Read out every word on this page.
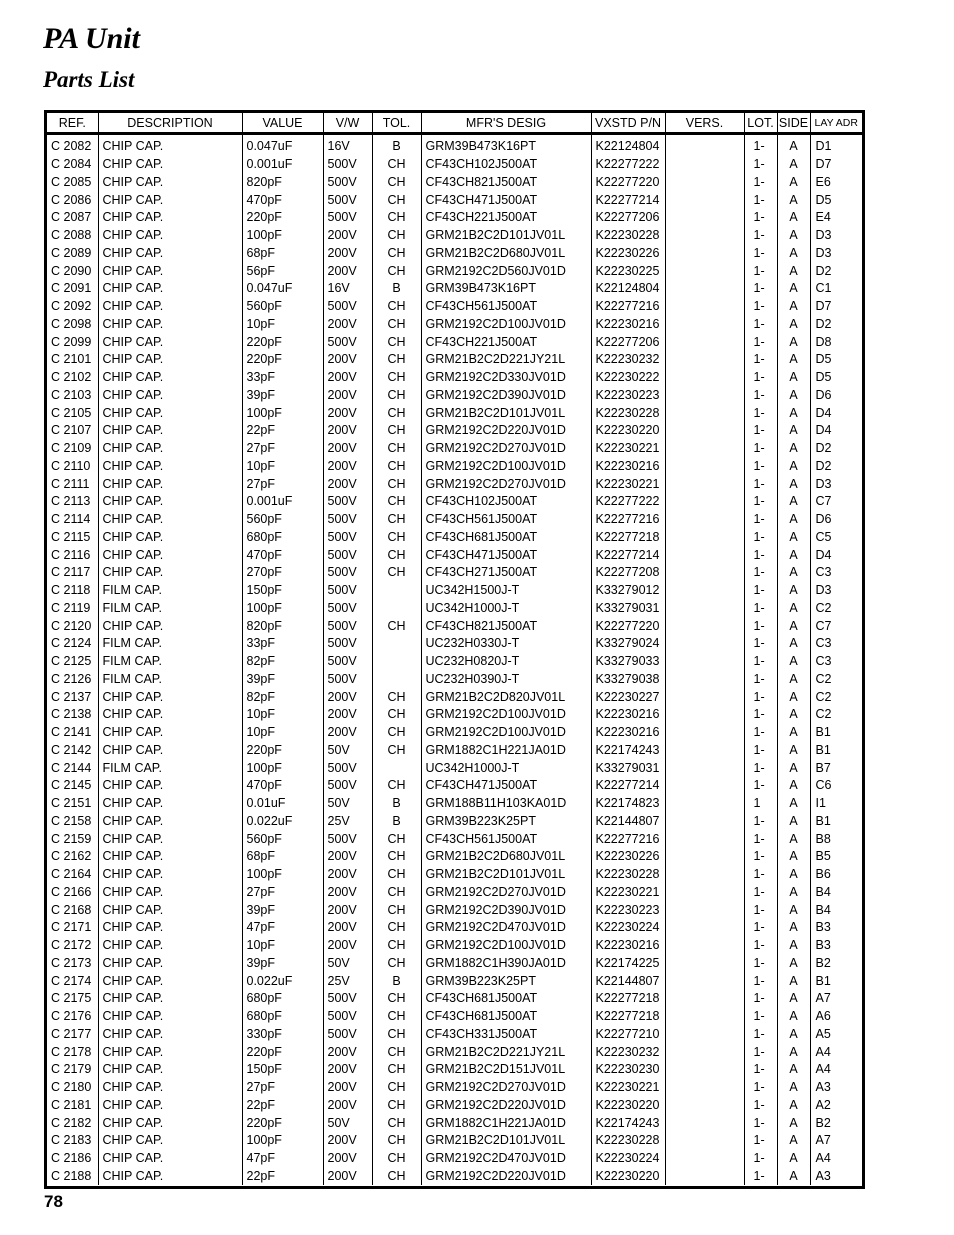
PA Unit
Parts List
REF.	DESCRIPTION	VALUE	V/W	TOL.	MFR'S DESIG	VXSTD P/N	VERS.	LOT.	SIDE	LAY ADR
C 2082	CHIP CAP.	0.047uF	16V	B	GRM39B473K16PT	K22124804		1-	A	D1
C 2084	CHIP CAP.	0.001uF	500V	CH	CF43CH102J500AT	K22277222		1-	A	D7
C 2085	CHIP CAP.	820pF	500V	CH	CF43CH821J500AT	K22277220		1-	A	E6
C 2086	CHIP CAP.	470pF	500V	CH	CF43CH471J500AT	K22277214		1-	A	D5
C 2087	CHIP CAP.	220pF	500V	CH	CF43CH221J500AT	K22277206		1-	A	E4
C 2088	CHIP CAP.	100pF	200V	CH	GRM21B2C2D101JV01L	K22230228		1-	A	D3
C 2089	CHIP CAP.	68pF	200V	CH	GRM21B2C2D680JV01L	K22230226		1-	A	D3
C 2090	CHIP CAP.	56pF	200V	CH	GRM2192C2D560JV01D	K22230225		1-	A	D2
C 2091	CHIP CAP.	0.047uF	16V	B	GRM39B473K16PT	K22124804		1-	A	C1
C 2092	CHIP CAP.	560pF	500V	CH	CF43CH561J500AT	K22277216		1-	A	D7
C 2098	CHIP CAP.	10pF	200V	CH	GRM2192C2D100JV01D	K22230216		1-	A	D2
C 2099	CHIP CAP.	220pF	500V	CH	CF43CH221J500AT	K22277206		1-	A	D8
C 2101	CHIP CAP.	220pF	200V	CH	GRM21B2C2D221JY21L	K22230232		1-	A	D5
C 2102	CHIP CAP.	33pF	200V	CH	GRM2192C2D330JV01D	K22230222		1-	A	D5
C 2103	CHIP CAP.	39pF	200V	CH	GRM2192C2D390JV01D	K22230223		1-	A	D6
C 2105	CHIP CAP.	100pF	200V	CH	GRM21B2C2D101JV01L	K22230228		1-	A	D4
C 2107	CHIP CAP.	22pF	200V	CH	GRM2192C2D220JV01D	K22230220		1-	A	D4
C 2109	CHIP CAP.	27pF	200V	CH	GRM2192C2D270JV01D	K22230221		1-	A	D2
C 2110	CHIP CAP.	10pF	200V	CH	GRM2192C2D100JV01D	K22230216		1-	A	D2
C 2111	CHIP CAP.	27pF	200V	CH	GRM2192C2D270JV01D	K22230221		1-	A	D3
C 2113	CHIP CAP.	0.001uF	500V	CH	CF43CH102J500AT	K22277222		1-	A	C7
C 2114	CHIP CAP.	560pF	500V	CH	CF43CH561J500AT	K22277216		1-	A	D6
C 2115	CHIP CAP.	680pF	500V	CH	CF43CH681J500AT	K22277218		1-	A	C5
C 2116	CHIP CAP.	470pF	500V	CH	CF43CH471J500AT	K22277214		1-	A	D4
C 2117	CHIP CAP.	270pF	500V	CH	CF43CH271J500AT	K22277208		1-	A	C3
C 2118	FILM CAP.	150pF	500V		UC342H1500J-T	K33279012		1-	A	D3
C 2119	FILM CAP.	100pF	500V		UC342H1000J-T	K33279031		1-	A	C2
C 2120	CHIP CAP.	820pF	500V	CH	CF43CH821J500AT	K22277220		1-	A	C7
C 2124	FILM CAP.	33pF	500V		UC232H0330J-T	K33279024		1-	A	C3
C 2125	FILM CAP.	82pF	500V		UC232H0820J-T	K33279033		1-	A	C3
C 2126	FILM CAP.	39pF	500V		UC232H0390J-T	K33279038		1-	A	C2
C 2137	CHIP CAP.	82pF	200V	CH	GRM21B2C2D820JV01L	K22230227		1-	A	C2
C 2138	CHIP CAP.	10pF	200V	CH	GRM2192C2D100JV01D	K22230216		1-	A	C2
C 2141	CHIP CAP.	10pF	200V	CH	GRM2192C2D100JV01D	K22230216		1-	A	B1
C 2142	CHIP CAP.	220pF	50V	CH	GRM1882C1H221JA01D	K22174243		1-	A	B1
C 2144	FILM CAP.	100pF	500V		UC342H1000J-T	K33279031		1-	A	B7
C 2145	CHIP CAP.	470pF	500V	CH	CF43CH471J500AT	K22277214		1-	A	C6
C 2151	CHIP CAP.	0.01uF	50V	B	GRM188B11H103KA01D	K22174823		1	A	I1
C 2158	CHIP CAP.	0.022uF	25V	B	GRM39B223K25PT	K22144807		1-	A	B1
C 2159	CHIP CAP.	560pF	500V	CH	CF43CH561J500AT	K22277216		1-	A	B8
C 2162	CHIP CAP.	68pF	200V	CH	GRM21B2C2D680JV01L	K22230226		1-	A	B5
C 2164	CHIP CAP.	100pF	200V	CH	GRM21B2C2D101JV01L	K22230228		1-	A	B6
C 2166	CHIP CAP.	27pF	200V	CH	GRM2192C2D270JV01D	K22230221		1-	A	B4
C 2168	CHIP CAP.	39pF	200V	CH	GRM2192C2D390JV01D	K22230223		1-	A	B4
C 2171	CHIP CAP.	47pF	200V	CH	GRM2192C2D470JV01D	K22230224		1-	A	B3
C 2172	CHIP CAP.	10pF	200V	CH	GRM2192C2D100JV01D	K22230216		1-	A	B3
C 2173	CHIP CAP.	39pF	50V	CH	GRM1882C1H390JA01D	K22174225		1-	A	B2
C 2174	CHIP CAP.	0.022uF	25V	B	GRM39B223K25PT	K22144807		1-	A	B1
C 2175	CHIP CAP.	680pF	500V	CH	CF43CH681J500AT	K22277218		1-	A	A7
C 2176	CHIP CAP.	680pF	500V	CH	CF43CH681J500AT	K22277218		1-	A	A6
C 2177	CHIP CAP.	330pF	500V	CH	CF43CH331J500AT	K22277210		1-	A	A5
C 2178	CHIP CAP.	220pF	200V	CH	GRM21B2C2D221JY21L	K22230232		1-	A	A4
C 2179	CHIP CAP.	150pF	200V	CH	GRM21B2C2D151JV01L	K22230230		1-	A	A4
C 2180	CHIP CAP.	27pF	200V	CH	GRM2192C2D270JV01D	K22230221		1-	A	A3
C 2181	CHIP CAP.	22pF	200V	CH	GRM2192C2D220JV01D	K22230220		1-	A	A2
C 2182	CHIP CAP.	220pF	50V	CH	GRM1882C1H221JA01D	K22174243		1-	A	B2
C 2183	CHIP CAP.	100pF	200V	CH	GRM21B2C2D101JV01L	K22230228		1-	A	A7
C 2186	CHIP CAP.	47pF	200V	CH	GRM2192C2D470JV01D	K22230224		1-	A	A4
C 2188	CHIP CAP.	22pF	200V	CH	GRM2192C2D220JV01D	K22230220		1-	A	A3
78
